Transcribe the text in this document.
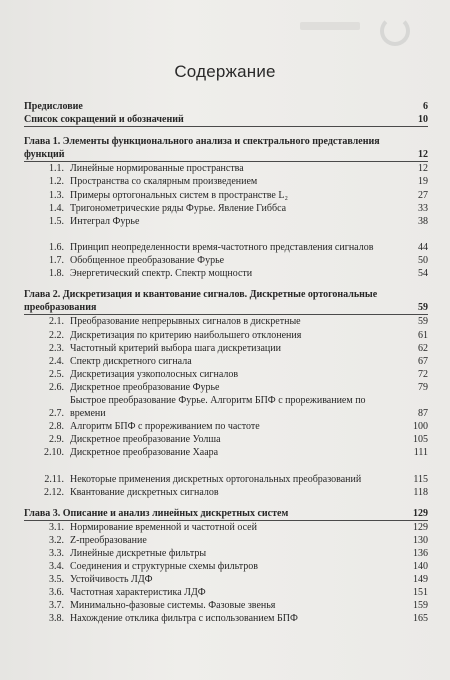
Содержание
Предисловие	6
Список сокращений и обозначений	10
Глава 1. Элементы функционального анализа и спектрального представления функций	12
1.1. Линейные нормированные пространства	12
1.2. Пространства со скалярным произведением	19
1.3. Примеры ортогональных систем в пространстве L₂	27
1.4. Тригонометрические ряды Фурье. Явление Гиббса	33
1.5. Интеграл Фурье	38
1.6. Принцип неопределенности время-частотного представления сигналов	44
1.7. Обобщенное преобразование Фурье	50
1.8. Энергетический спектр. Спектр мощности	54
Глава 2. Дискретизация и квантование сигналов. Дискретные ортогональные преобразования	59
2.1. Преобразование непрерывных сигналов в дискретные	59
2.2. Дискретизация по критерию наибольшего отклонения	61
2.3. Частотный критерий выбора шага дискретизации	62
2.4. Спектр дискретного сигнала	67
2.5. Дискретизация узкополосных сигналов	72
2.6. Дискретное преобразование Фурье	79
2.7.
Быстрое преобразование Фурье. Алгоритм БПФ с прореживанием по времени	87
2.8. Алгоритм БПФ с прореживанием по частоте	100
2.9. Дискретное преобразование Уолша	105
2.10. Дискретное преобразование Хаара	111
2.11. Некоторые применения дискретных ортогональных преобразований	115
2.12. Квантование дискретных сигналов	118
Глава 3. Описание и анализ линейных дискретных систем	129
3.1. Нормирование временной и частотной осей	129
3.2. Z-преобразование	130
3.3. Линейные дискретные фильтры	136
3.4. Соединения и структурные схемы фильтров	140
3.5. Устойчивость ЛДФ	149
3.6. Частотная характеристика ЛДФ	151
3.7. Минимально-фазовые системы. Фазовые звенья	159
3.8. Нахождение отклика фильтра с использованием БПФ	165
